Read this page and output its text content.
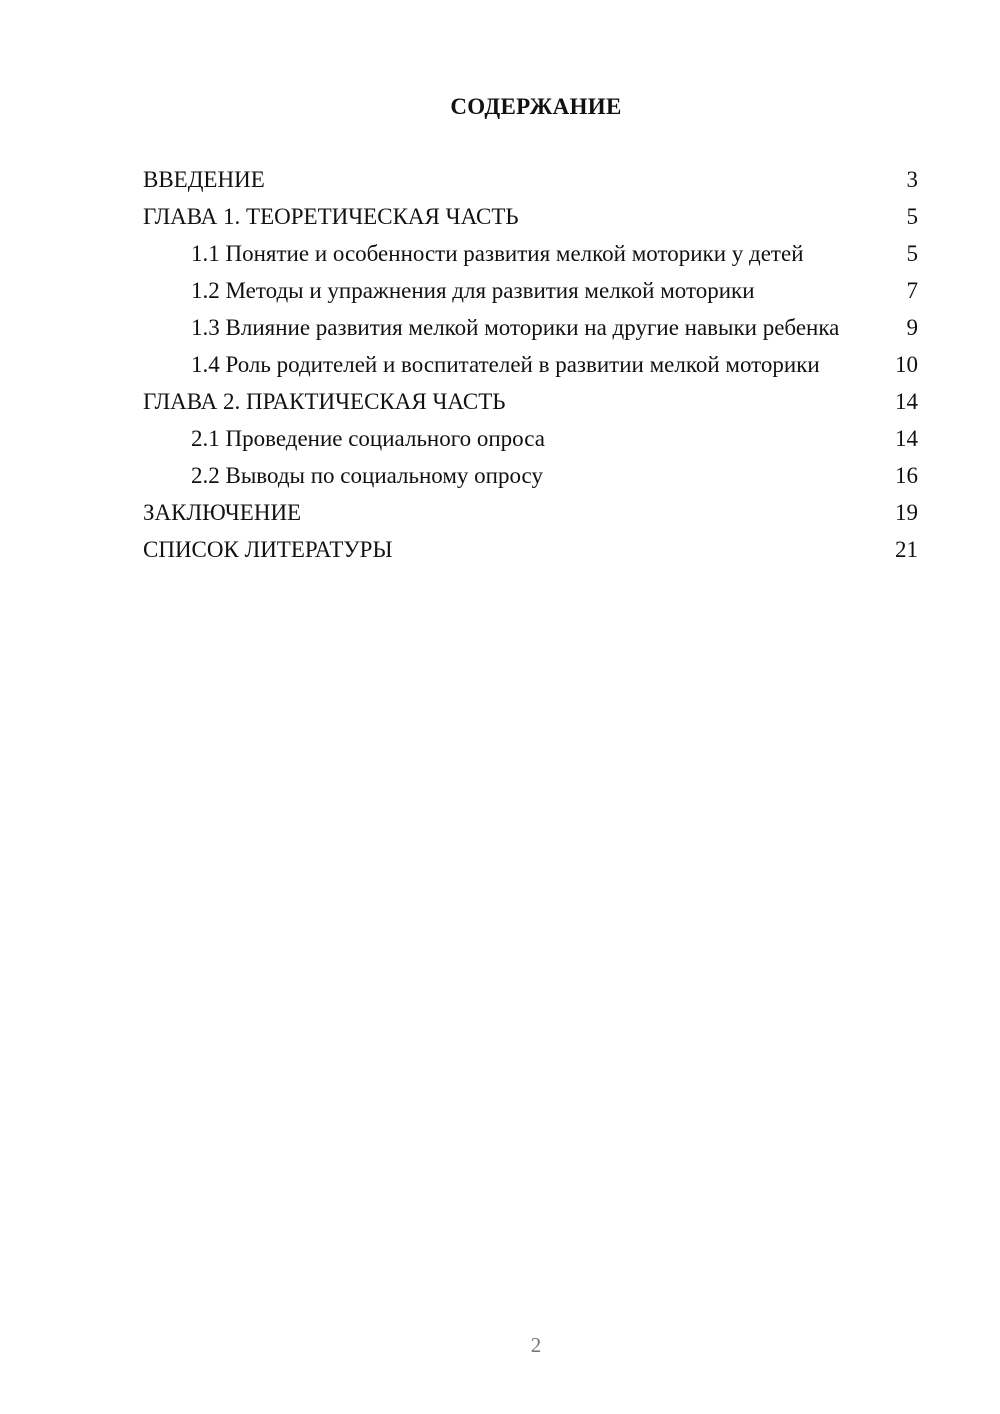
СОДЕРЖАНИЕ
ВВЕДЕНИЕ	3
ГЛАВА 1. ТЕОРЕТИЧЕСКАЯ ЧАСТЬ	5
1.1 Понятие и особенности развития мелкой моторики у детей	5
1.2 Методы и упражнения для развития мелкой моторики	7
1.3 Влияние развития мелкой моторики на другие навыки ребенка	9
1.4 Роль родителей и воспитателей в развитии мелкой моторики	10
ГЛАВА 2. ПРАКТИЧЕСКАЯ ЧАСТЬ	14
2.1 Проведение социального опроса	14
2.2 Выводы по социальному опросу	16
ЗАКЛЮЧЕНИЕ	19
СПИСОК ЛИТЕРАТУРЫ	21
2
